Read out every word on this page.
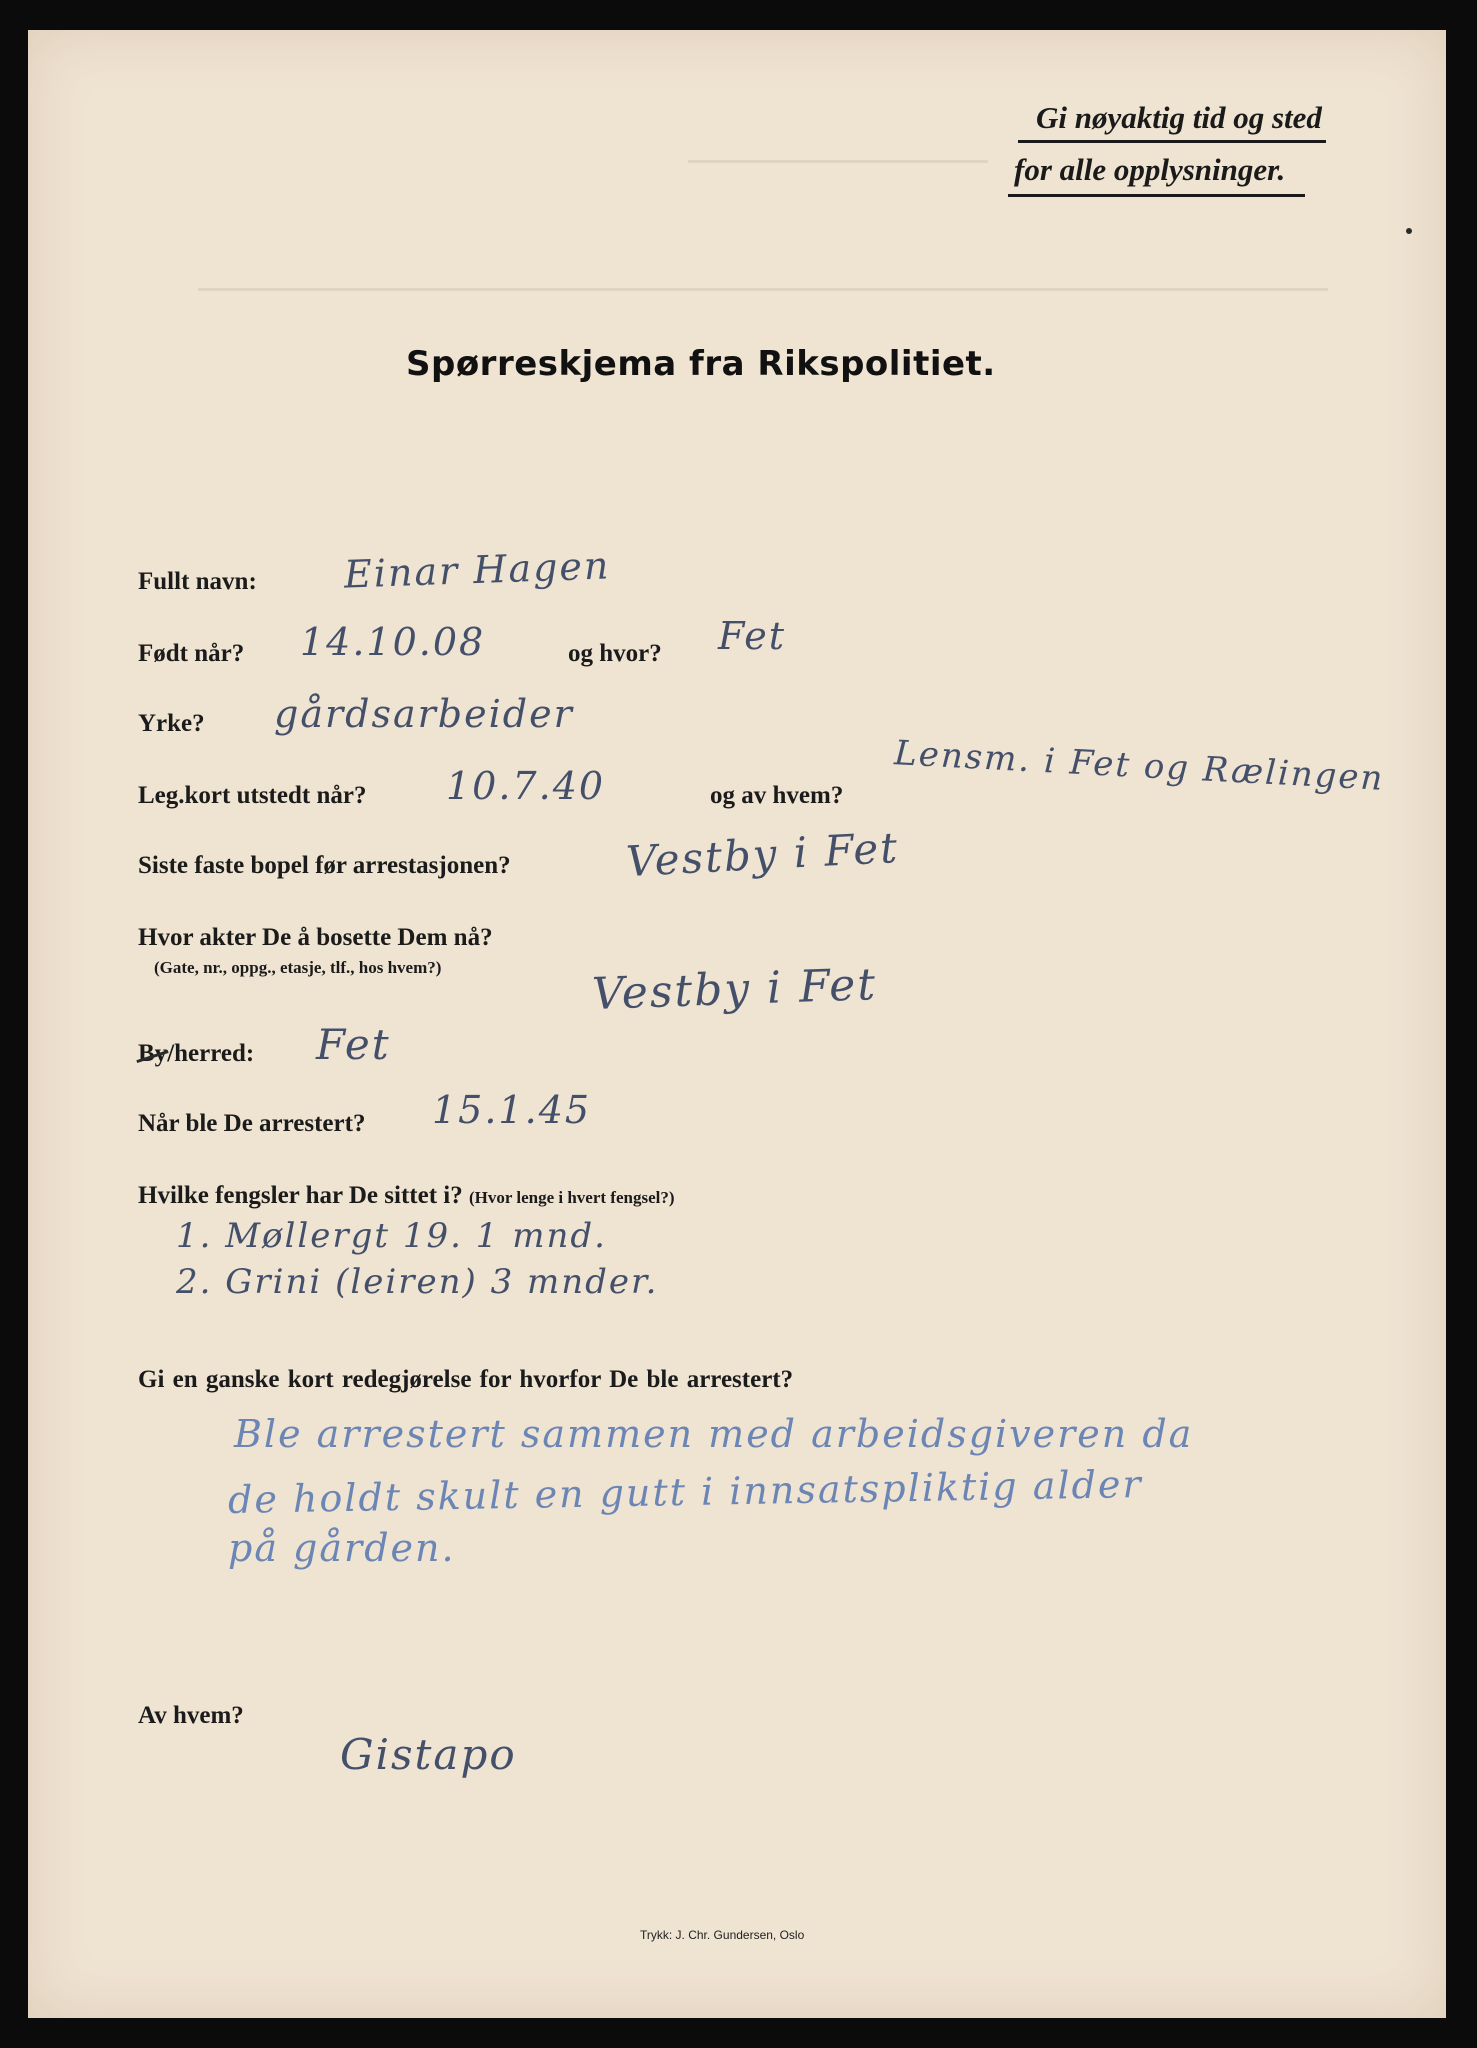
Gi nøyaktig tid og sted
for alle opplysninger.
Spørreskjema fra Rikspolitiet.
Fullt navn: Einar Hagen
Født når? 14.10.08	og hvor? Fet
Yrke? gårdsarbeider
Leg.kort utstedt når? 10.7.40	og av hvem? Lensm. i Fet og Rælingen
Siste faste bopel før arrestasjonen?	Vestby i Fet
Hvor akter De å bosette Dem nå?
(Gate, nr., oppg., etasje, tlf., hos hvem?)	Vestby i Fet
By/herred: Fet
Når ble De arrestert? 15.1.45
Hvilke fengsler har De sittet i? (Hvor lenge i hvert fengsel?)
1. Møllergt 19. 1 mnd.
2. Grini (leiren) 3 mnder.
Gi en ganske kort redegjørelse for hvorfor De ble arrestert?
Ble arrestert sammen med arbeidsgiveren da
de holdt skult en gutt i innsatspliktig alder
på gården.
Av hvem?
Gistapo
Trykk: J. Chr. Gundersen, Oslo
